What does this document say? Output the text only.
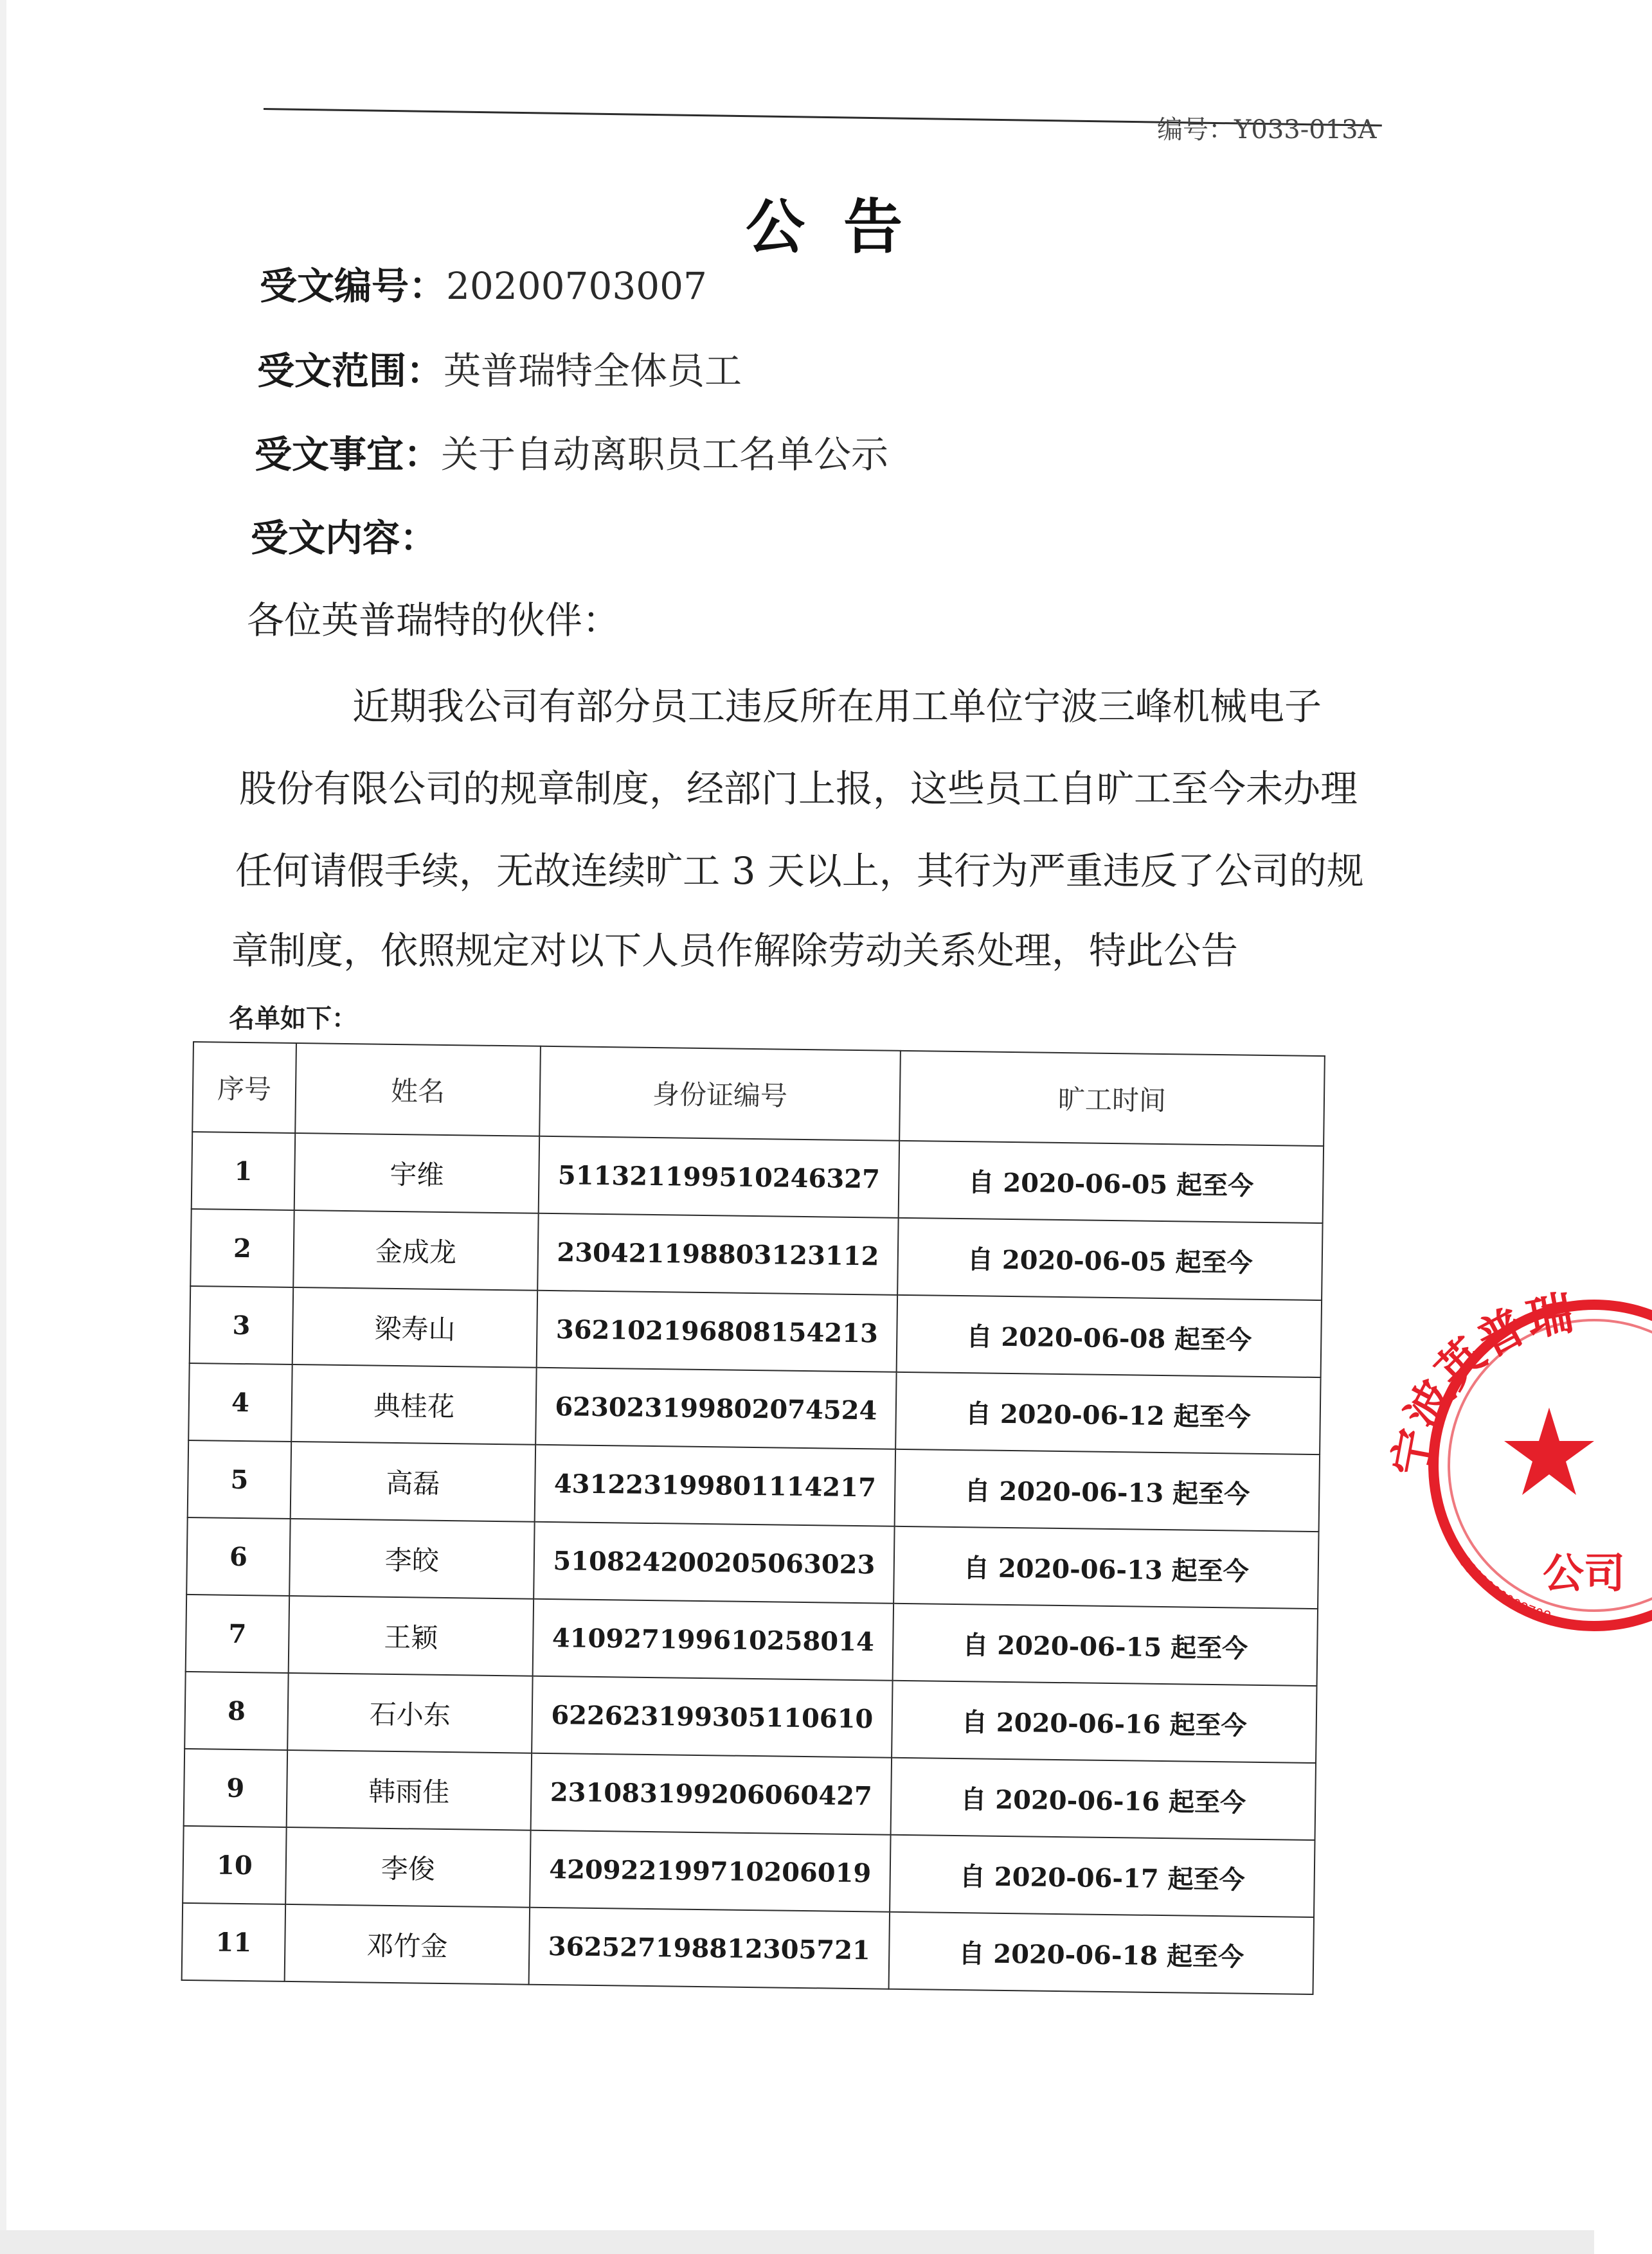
编号：Y033-013A
公告
受文编号：20200703007
受文范围：英普瑞特全体员工
受文事宜：关于自动离职员工名单公示
受文内容：
各位英普瑞特的伙伴：
近期我公司有部分员工违反所在用工单位宁波三峰机械电子
股份有限公司的规章制度，经部门上报，这些员工自旷工至今未办理
任何请假手续，无故连续旷工 3 天以上，其行为严重违反了公司的规
章制度，依照规定对以下人员作解除劳动关系处理，特此公告
名单如下：
序号	姓名	身份证编号	旷工时间
1	宇维	511321199510246327	自 2020-06-05 起至今
2	金成龙	230421198803123112	自 2020-06-05 起至今
3	梁寿山	362102196808154213	自 2020-06-08 起至今
4	典桂花	623023199802074524	自 2020-06-12 起至今
5	高磊	431223199801114217	自 2020-06-13 起至今
6	李皎	510824200205063023	自 2020-06-13 起至今
7	王颖	410927199610258014	自 2020-06-15 起至今
8	石小东	622623199305110610	自 2020-06-16 起至今
9	韩雨佳	231083199206060427	自 2020-06-16 起至今
10	李俊	420922199710206019	自 2020-06-17 起至今
11	邓竹金	362527198812305721	自 2020-06-18 起至今
宁波英普瑞
3302900008708
公司
